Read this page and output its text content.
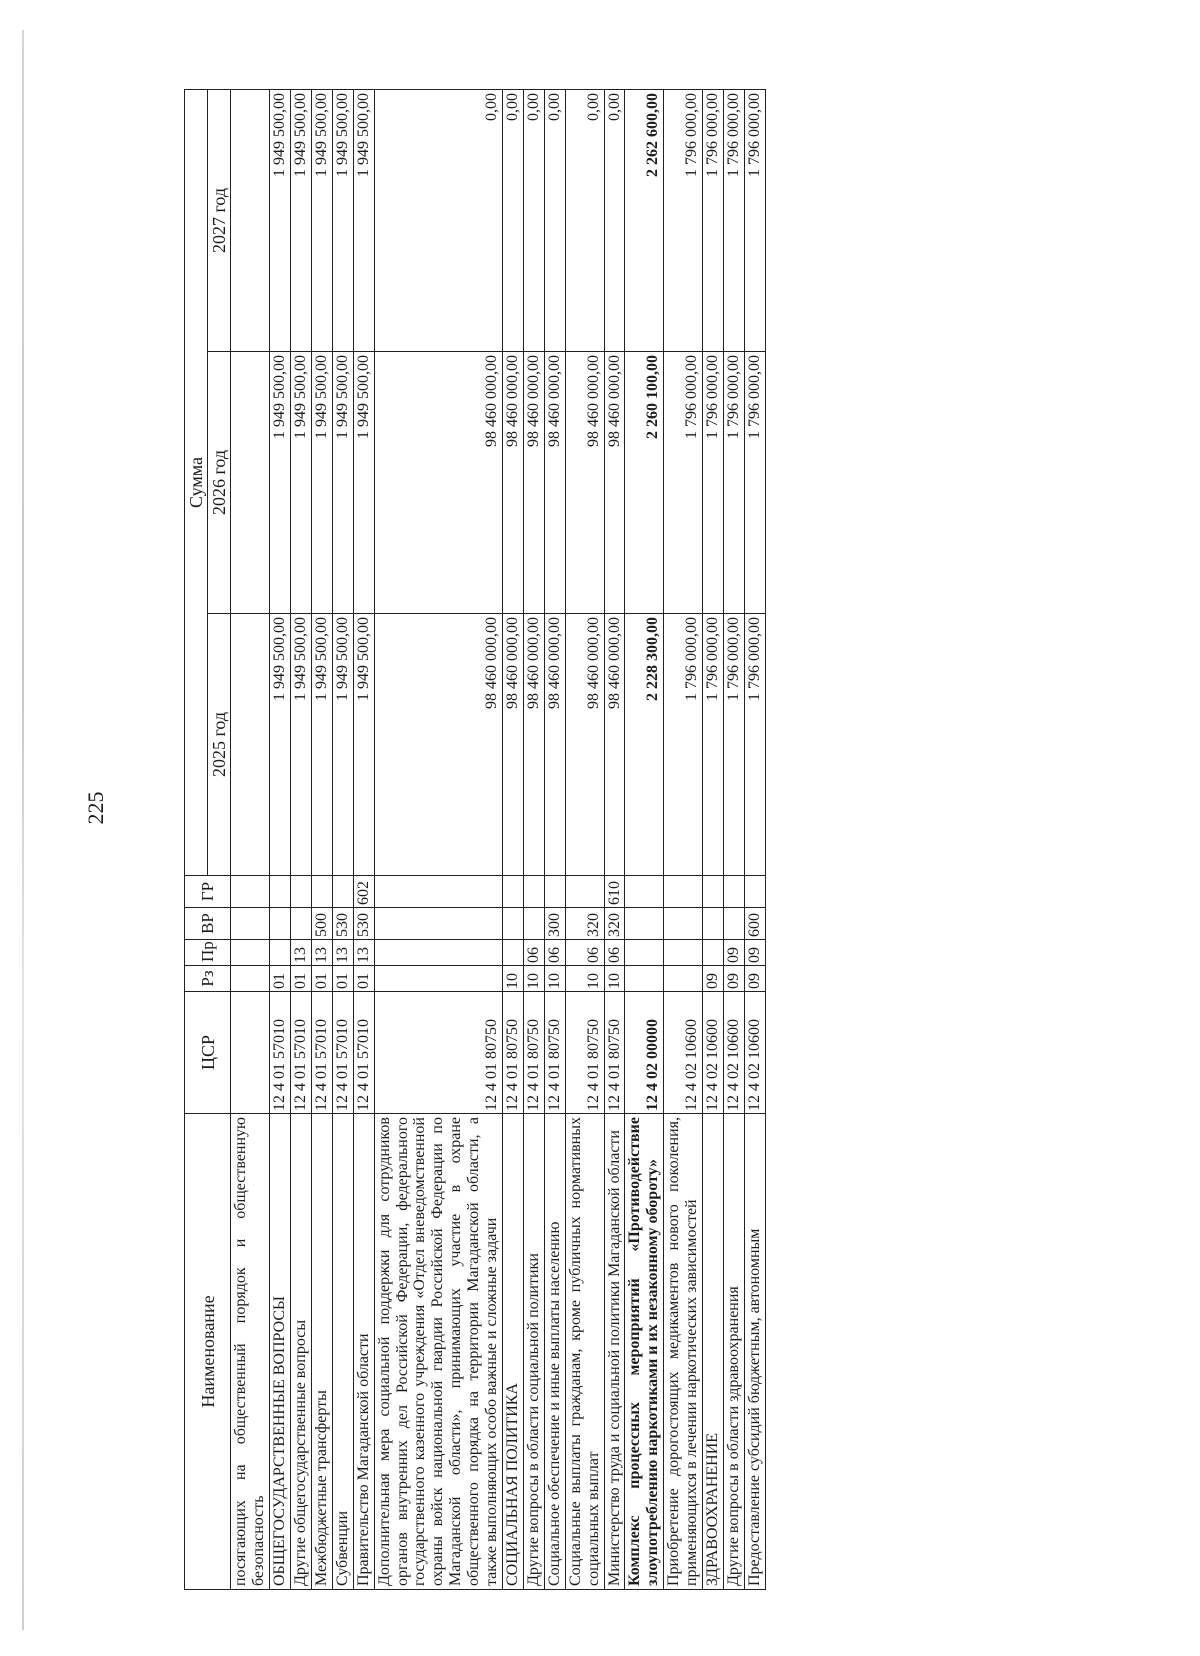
225
Наименование	ЦСР	Рз	Пр	ВР	ГР	Сумма		
						2025 год	2026 год	2027 год
посягающих на общественный порядок и общественную безопасность								
ОБЩЕГОСУДАРСТВЕННЫЕ ВОПРОСЫ	12 4 01 57010	01				1 949 500,00	1 949 500,00	1 949 500,00
Другие общегосударственные вопросы	12 4 01 57010	01	13			1 949 500,00	1 949 500,00	1 949 500,00
Межбюджетные трансферты	12 4 01 57010	01	13	500		1 949 500,00	1 949 500,00	1 949 500,00
Субвенции	12 4 01 57010	01	13	530		1 949 500,00	1 949 500,00	1 949 500,00
Правительство Магаданской области	12 4 01 57010	01	13	530	602	1 949 500,00	1 949 500,00	1 949 500,00
Дополнительная мера социальной поддержки для сотрудников органов внутренних дел Российской Федерации, федерального государственного казенного учреждения «Отдел вневедомственной охраны войск национальной гвардии Российской Федерации по Магаданской области», принимающих участие в охране общественного порядка на территории Магаданской области, а также выполняющих особо важные и сложные задачи	12 4 01 80750					98 460 000,00	98 460 000,00	0,00
СОЦИАЛЬНАЯ ПОЛИТИКА	12 4 01 80750	10				98 460 000,00	98 460 000,00	0,00
Другие вопросы в области социальной политики	12 4 01 80750	10	06			98 460 000,00	98 460 000,00	0,00
Социальное обеспечение и иные выплаты населению	12 4 01 80750	10	06	300		98 460 000,00	98 460 000,00	0,00
Социальные выплаты гражданам, кроме публичных нормативных социальных выплат	12 4 01 80750	10	06	320		98 460 000,00	98 460 000,00	0,00
Министерство труда и социальной политики Магаданской области	12 4 01 80750	10	06	320	610	98 460 000,00	98 460 000,00	0,00
Комплекс процессных мероприятий «Противодействие злоупотреблению наркотиками и их незаконному обороту»	12 4 02 00000					2 228 300,00	2 260 100,00	2 262 600,00
Приобретение дорогостоящих медикаментов нового поколения, применяющихся в лечении наркотических зависимостей	12 4 02 10600					1 796 000,00	1 796 000,00	1 796 000,00
ЗДРАВООХРАНЕНИЕ	12 4 02 10600	09				1 796 000,00	1 796 000,00	1 796 000,00
Другие вопросы в области здравоохранения	12 4 02 10600	09	09			1 796 000,00	1 796 000,00	1 796 000,00
Предоставление субсидий бюджетным, автономным	12 4 02 10600	09	09	600		1 796 000,00	1 796 000,00	1 796 000,00
